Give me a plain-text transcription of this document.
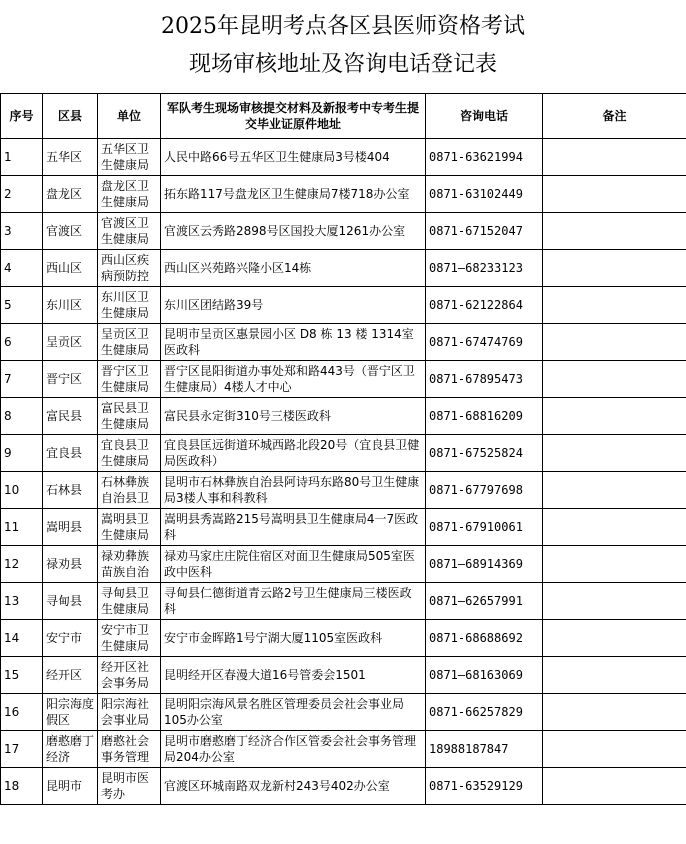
2025年昆明考点各区县医师资格考试
现场审核地址及咨询电话登记表
序号	区县	单位	军队考生现场审核提交材料及新报考中专考生提交毕业证原件地址	咨询电话	备注

1	五华区	五华区卫生健康局	人民中路66号五华区卫生健康局3号楼404	0871-63621994	

2	盘龙区	盘龙区卫生健康局	拓东路117号盘龙区卫生健康局7楼718办公室	0871-63102449	

3	官渡区	官渡区卫生健康局	官渡区云秀路2898号区国投大厦1261办公室	0871-67152047	

4	西山区	西山区疾病预防控	西山区兴苑路兴隆小区14栋	0871—68233123	

5	东川区	东川区卫生健康局	东川区团结路39号	0871-62122864	

6	呈贡区	呈贡区卫生健康局	昆明市呈贡区惠景园小区 D8 栋 13 楼 1314室医政科	0871-67474769	

7	晋宁区	晋宁区卫生健康局	晋宁区昆阳街道办事处郑和路443号（晋宁区卫生健康局）4楼人才中心	0871-67895473	

8	富民县	富民县卫生健康局	富民县永定街310号三楼医政科	0871-68816209	

9	宜良县	宜良县卫生健康局	宜良县匡远街道环城西路北段20号（宜良县卫健局医政科）	0871-67525824	

10	石林县	石林彝族自治县卫	昆明市石林彝族自治县阿诗玛东路80号卫生健康局3楼人事和科教科	0871-67797698	

11	嵩明县	嵩明县卫生健康局	嵩明县秀嵩路215号嵩明县卫生健康局4一7医政科	0871-67910061	

12	禄劝县	禄劝彝族苗族自治	禄劝马家庄庄院住宿区对面卫生健康局505室医政中医科	0871—68914369	

13	寻甸县	寻甸县卫生健康局	寻甸县仁德街道青云路2号卫生健康局三楼医政科	0871—62657991	

14	安宁市	安宁市卫生健康局	安宁市金晖路1号宁湖大厦1105室医政科	0871-68688692	

15	经开区	经开区社会事务局	昆明经开区春漫大道16号管委会1501	0871—68163069	

16	阳宗海度假区	阳宗海社会事业局	昆明阳宗海风景名胜区管理委员会社会事业局105办公室	0871-66257829	

17	磨憨磨丁经济	磨憨社会事务管理	昆明市磨憨磨丁经济合作区管委会社会事务管理局204办公室	18988187847	

18	昆明市	昆明市医考办	官渡区环城南路双龙新村243号402办公室	0871-63529129	
